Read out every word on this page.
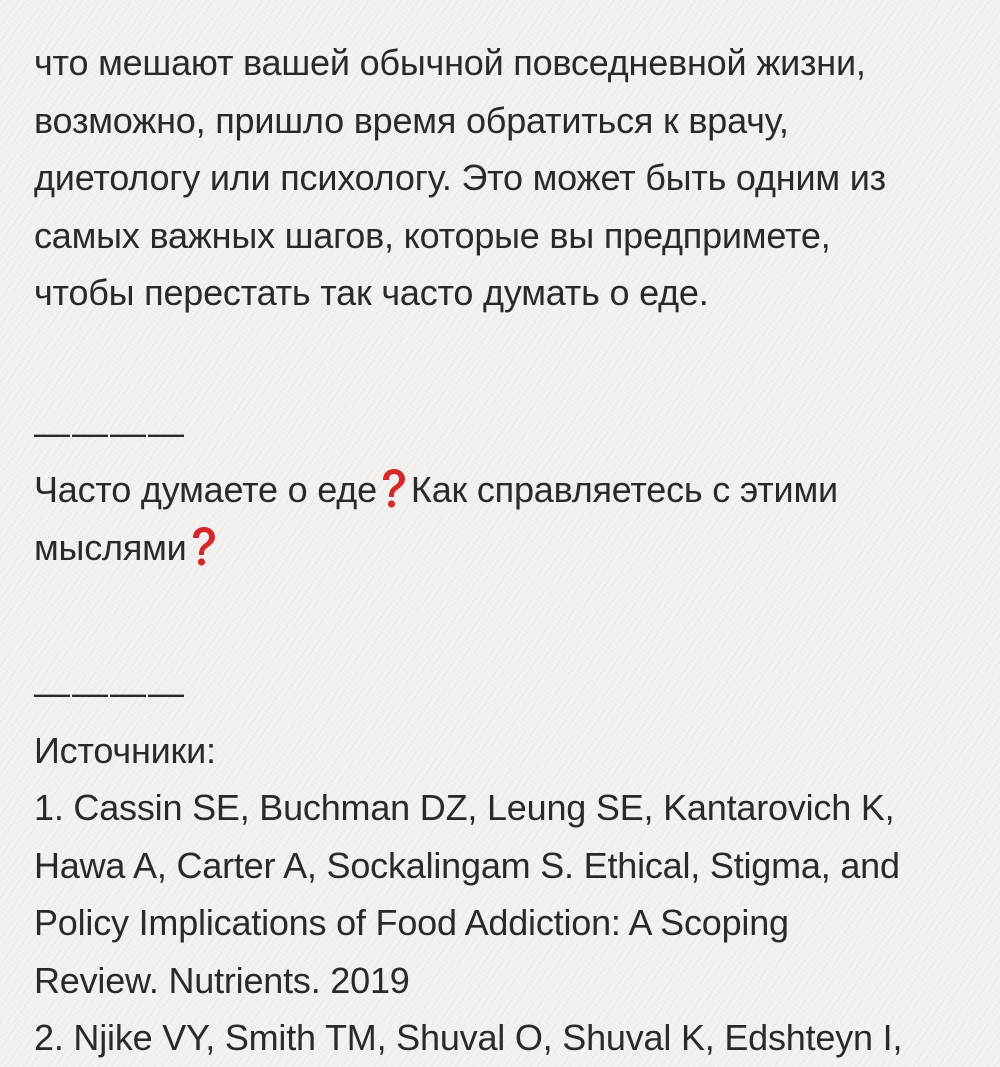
что мешают вашей обычной повседневной жизни,
возможно, пришло время обратиться к врачу,
диетологу или психологу. Это может быть одним из
самых важных шагов, которые вы предпримете,
чтобы перестать так часто думать о еде.
————
Часто думаете о еде Как справляетесь с этими
мыслями
————
Источники:
1. Cassin SE, Buchman DZ, Leung SE, Kantarovich K,
Hawa A, Carter A, Sockalingam S. Ethical, Stigma, and
Policy Implications of Food Addiction: A Scoping
Review. Nutrients. 2019
2. Njike VY, Smith TM, Shuval O, Shuval K, Edshteyn I,
